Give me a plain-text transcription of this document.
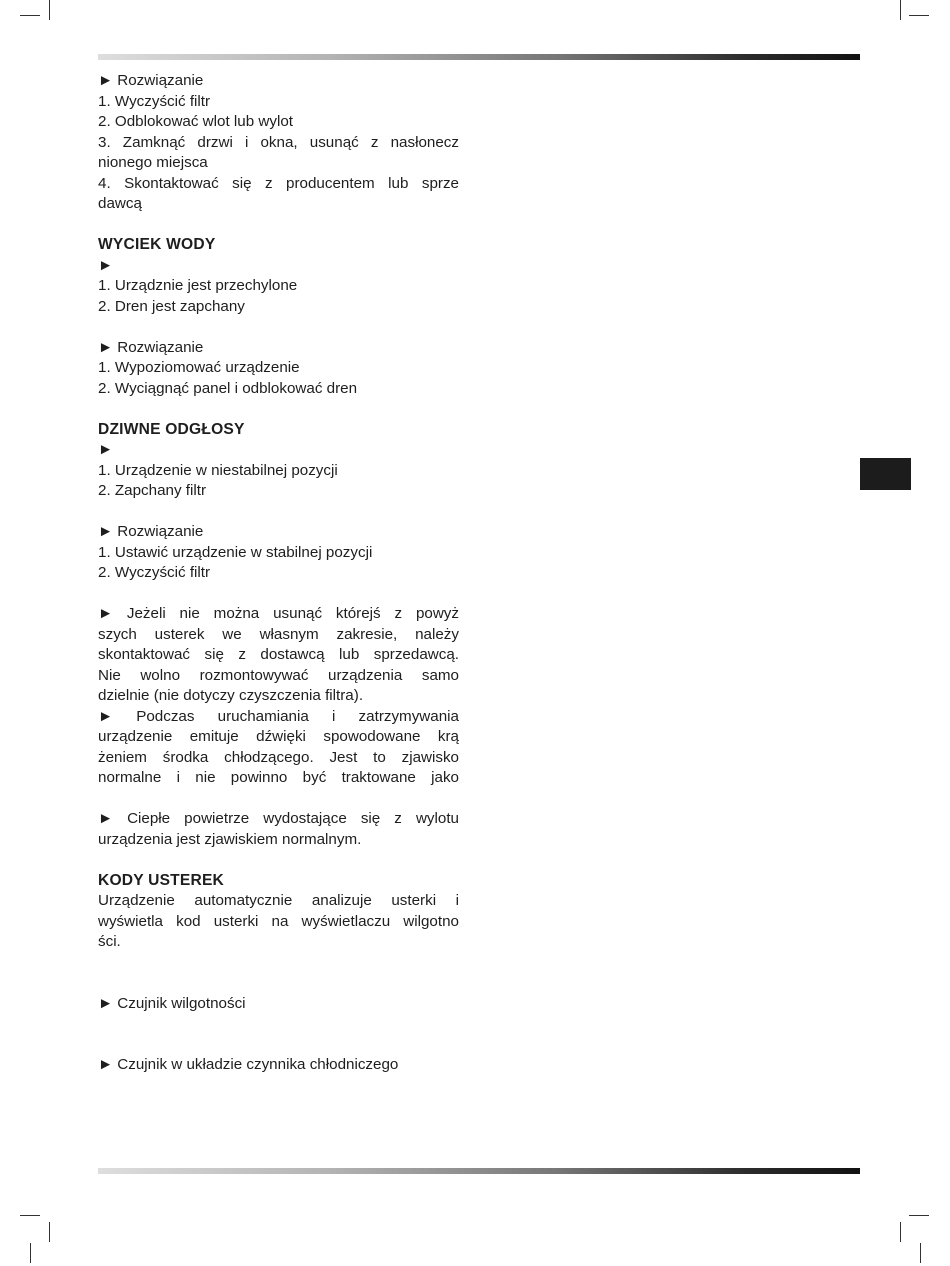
► Rozwiązanie
1. Wyczyścić filtr
2. Odblokować wlot lub wylot
3. Zamknąć drzwi i okna, usunąć z nasłonecz
nionego miejsca
4. Skontaktować się z producentem lub sprze
dawcą
WYCIEK WODY
►
1. Urządznie jest przechylone
2. Dren jest zapchany
► Rozwiązanie
1. Wypoziomować urządzenie
2. Wyciągnąć panel i odblokować dren
DZIWNE ODGŁOSY
►
1. Urządzenie w niestabilnej pozycji
2. Zapchany filtr
► Rozwiązanie
1. Ustawić urządzenie w stabilnej pozycji
2. Wyczyścić filtr
► Jeżeli nie można usunąć którejś z powyż
szych usterek we własnym zakresie, należy
skontaktować się z dostawcą lub sprzedawcą.
Nie wolno rozmontowywać urządzenia samo
dzielnie (nie dotyczy czyszczenia filtra).
► Podczas uruchamiania i zatrzymywania
urządzenie emituje dźwięki spowodowane krą
żeniem środka chłodzącego. Jest to zjawisko
normalne i nie powinno być traktowane jako
► Ciepłe powietrze wydostające się z wylotu
urządzenia jest zjawiskiem normalnym.
KODY USTEREK
Urządzenie automatycznie analizuje usterki i
wyświetla kod usterki na wyświetlaczu wilgotno
ści.
► Czujnik wilgotności
► Czujnik w układzie czynnika chłodniczego
